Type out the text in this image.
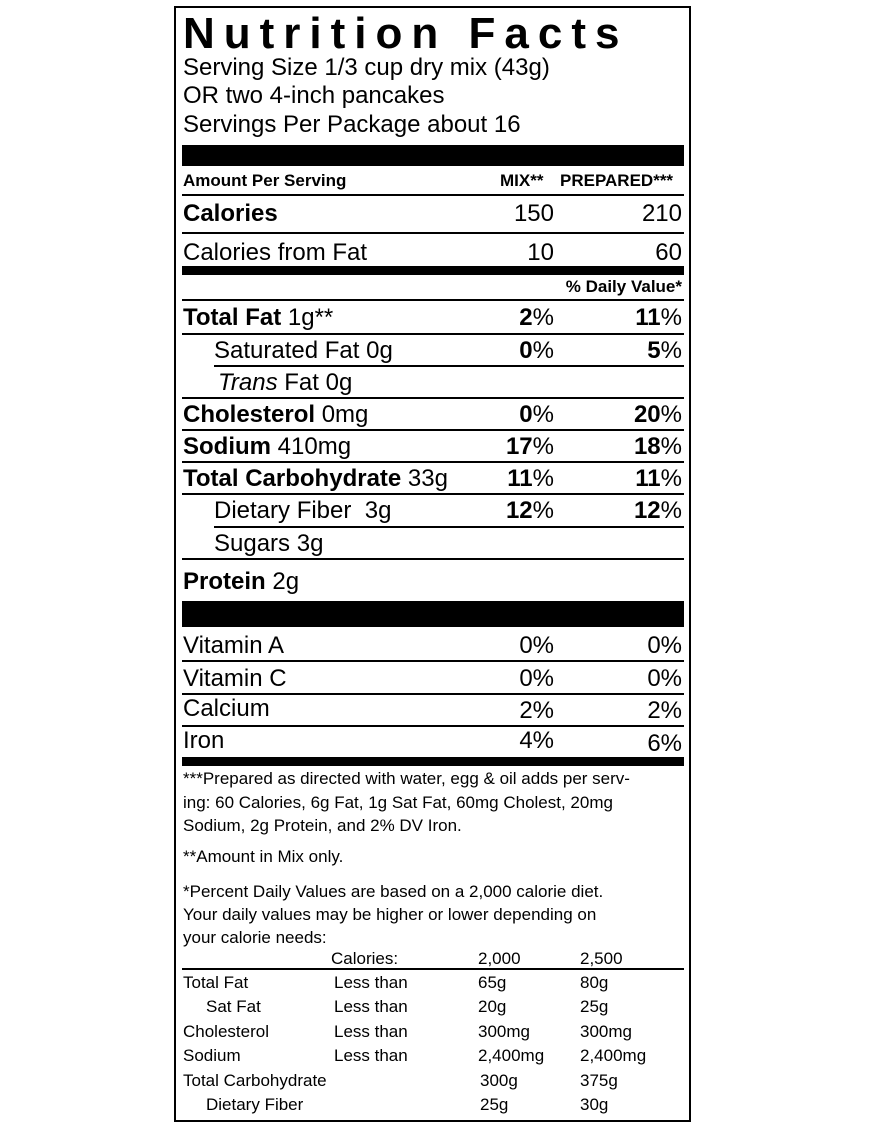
Nutrition Facts
Serving Size 1/3 cup dry mix (43g)
OR two 4-inch pancakes
Servings Per Package about 16
Amount Per Serving	MIX** PREPARED***
Calories	150	210
Calories from Fat	10	60
% Daily Value*
Total Fat 1g**	2%	11%
Saturated Fat 0g	0%	5%
Trans Fat 0g
Cholesterol 0mg	0%	20%
Sodium 410mg	17%	18%
Total Carbohydrate 33g	11%	11%
Dietary Fiber 3g	12%	12%
Sugars 3g
Protein 2g
Vitamin A	0%	0%
Vitamin C	0%	0%
Calcium	2%	2%
Iron	4%	6%
***Prepared as directed with water, egg & oil adds per serv-
ing: 60 Calories, 6g Fat, 1g Sat Fat, 60mg Cholest, 20mg
Sodium, 2g Protein, and 2% DV Iron.
**Amount in Mix only.
*Percent Daily Values are based on a 2,000 calorie diet.
Your daily values may be higher or lower depending on
your calorie needs:
Calories:	2,000	2,500
Total Fat	Less than	65g	80g
Sat Fat	Less than	20g	25g
Cholesterol	Less than	300mg	300mg
Sodium	Less than	2,400mg 2,400mg
Total Carbohydrate	300g	375g
Dietary Fiber	25g	30g
